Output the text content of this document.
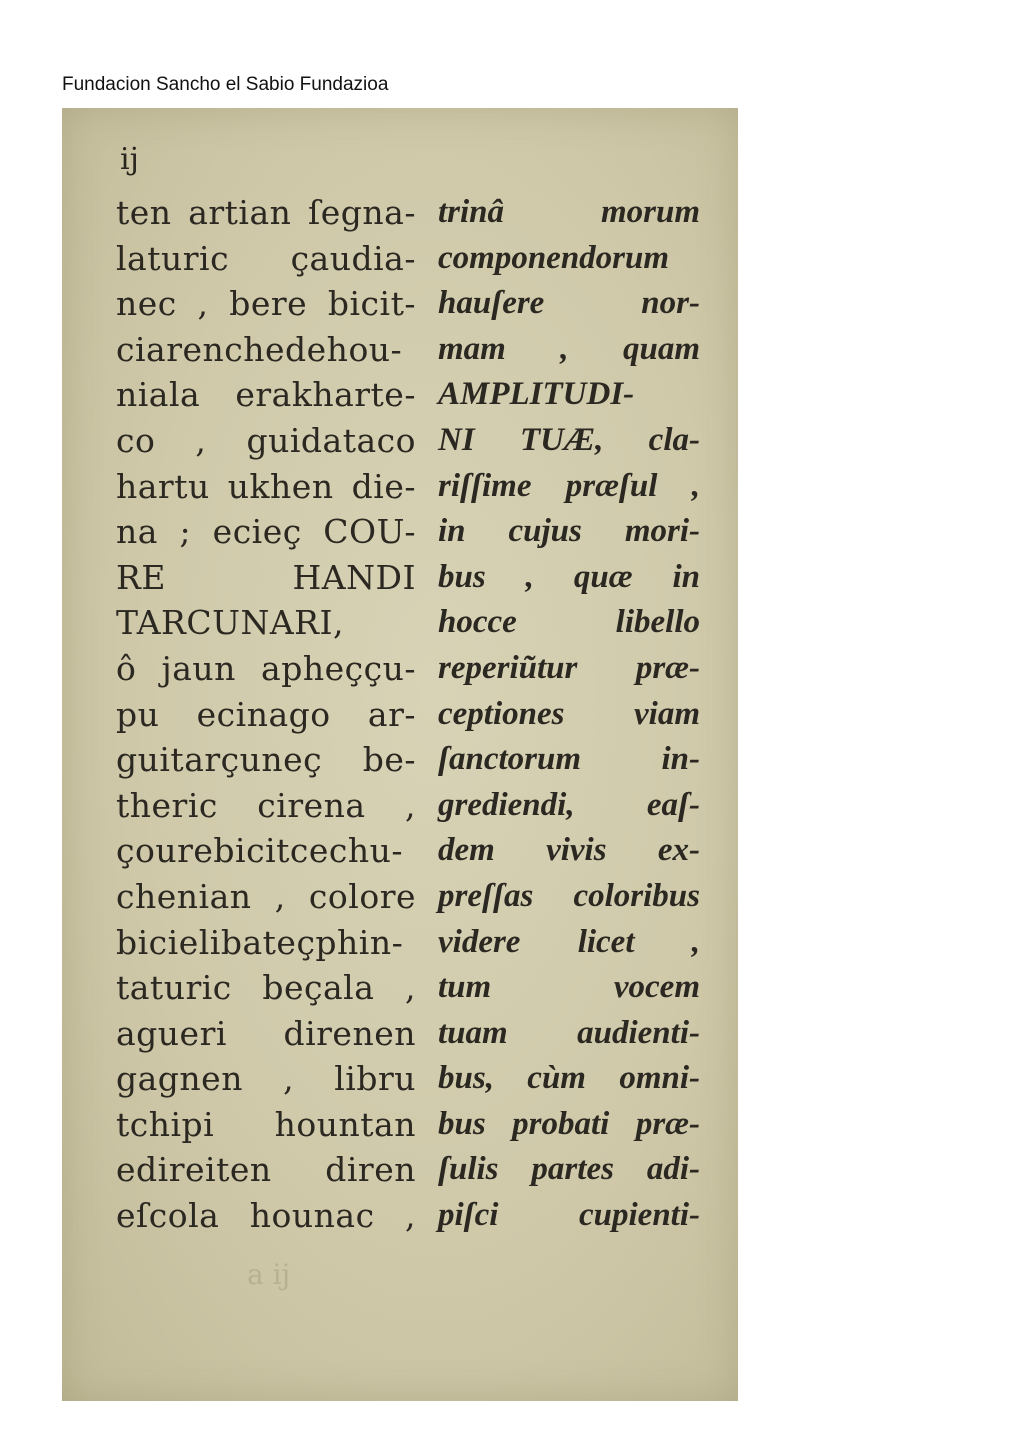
Fundacion Sancho el Sabio Fundazioa
ij
ten artian ſegna-
laturic çaudia-
nec , bere bicit-
ciarenchedehou-
niala erakharte-
co , guidataco
hartu ukhen die-
na ; ecieç COU-
RE HANDI
TARCUNARI,
ô jaun apheççu-
pu ecinago ar-
guitarçuneç be-
theric cirena ,
çourebicitcechu-
chenian , colore
bicielibateçphin-
taturic beçala ,
agueri direnen
gagnen , libru
tchipi hountan
edireiten diren
eſcola hounac ,
trinâ morum
componendorum
hauſere nor-
mam , quam
AMPLITUDI-
NI TUÆ, cla-
riſſime præſul ,
in cujus mori-
bus , quæ in
hocce libello
reperiũtur præ-
ceptiones viam
ſanctorum in-
grediendi, eaſ-
dem vivis ex-
preſſas coloribus
videre licet ,
tum vocem
tuam audienti-
bus, cùm omni-
bus probati præ-
ſulis partes adi-
piſci cupienti-
a ij
